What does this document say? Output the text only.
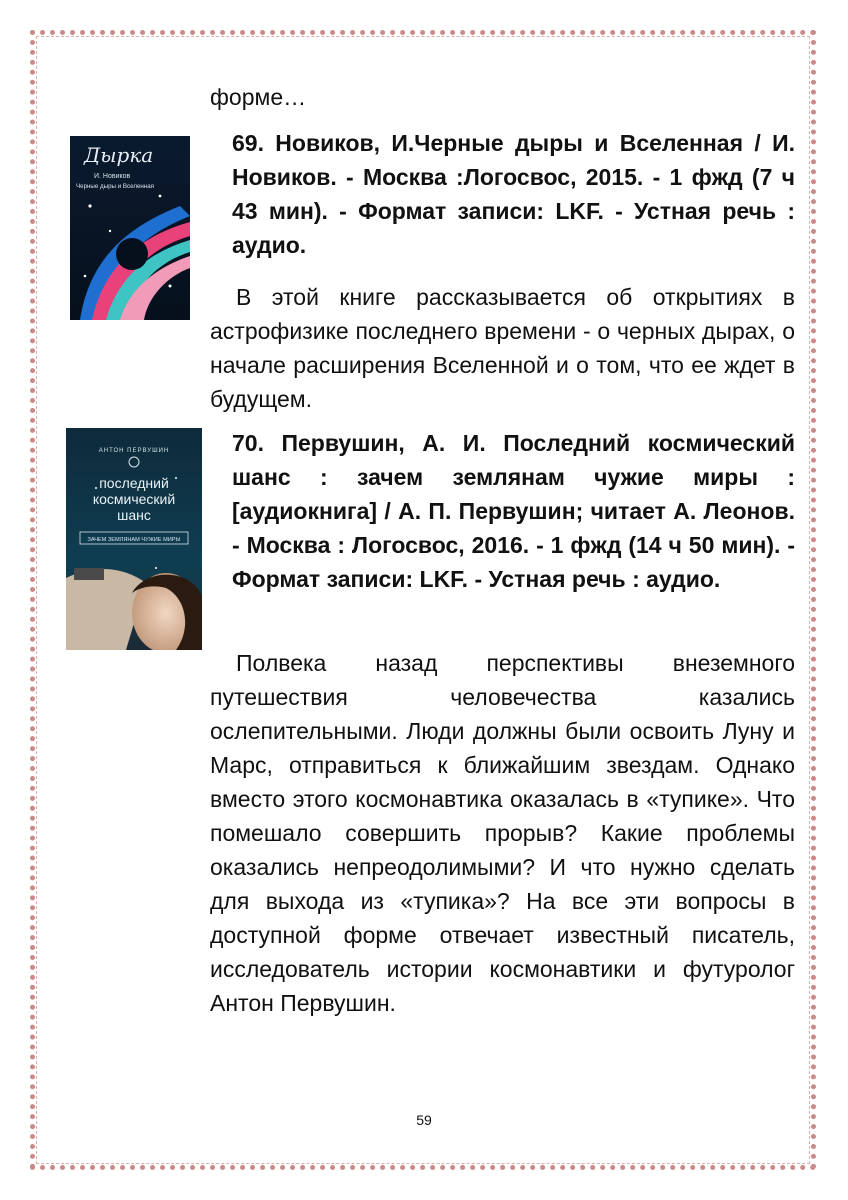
форме…
Дырка
И. Новиков
Черные дыры и Вселенная
69. Новиков, И.Черные дыры и Вселенная / И. Новиков. - Москва :Логосвос, 2015. - 1 фжд (7 ч 43 мин). - Формат записи: LKF. - Устная речь : аудио.
В этой книге рассказывается об открытиях в астрофизике последнего времени - о черных дырах, о начале расширения Вселенной и о том, что ее ждет в будущем.
АНТОН ПЕРВУШИН
последний
космический
шанс
ЗАЧЕМ ЗЕМЛЯНАМ ЧУЖИЕ МИРЫ
70. Первушин, А. И. Последний космический шанс : зачем землянам чужие миры : [аудиокнига] / А. П. Первушин; читает А. Леонов. - Москва : Логосвос, 2016. - 1 фжд (14 ч 50 мин). - Формат записи: LKF. - Устная речь : аудио.
Полвека назад перспективы внеземного путешествия человечества казались ослепительными. Люди должны были освоить Луну и Марс, отправиться к ближайшим звездам. Однако вместо этого космонавтика оказалась в «тупике». Что помешало совершить прорыв? Какие проблемы оказались непреодолимыми? И что нужно сделать для выхода из «тупика»? На все эти вопросы в доступной форме отвечает известный писатель, исследователь истории космонавтики и футуролог Антон Первушин.
59
